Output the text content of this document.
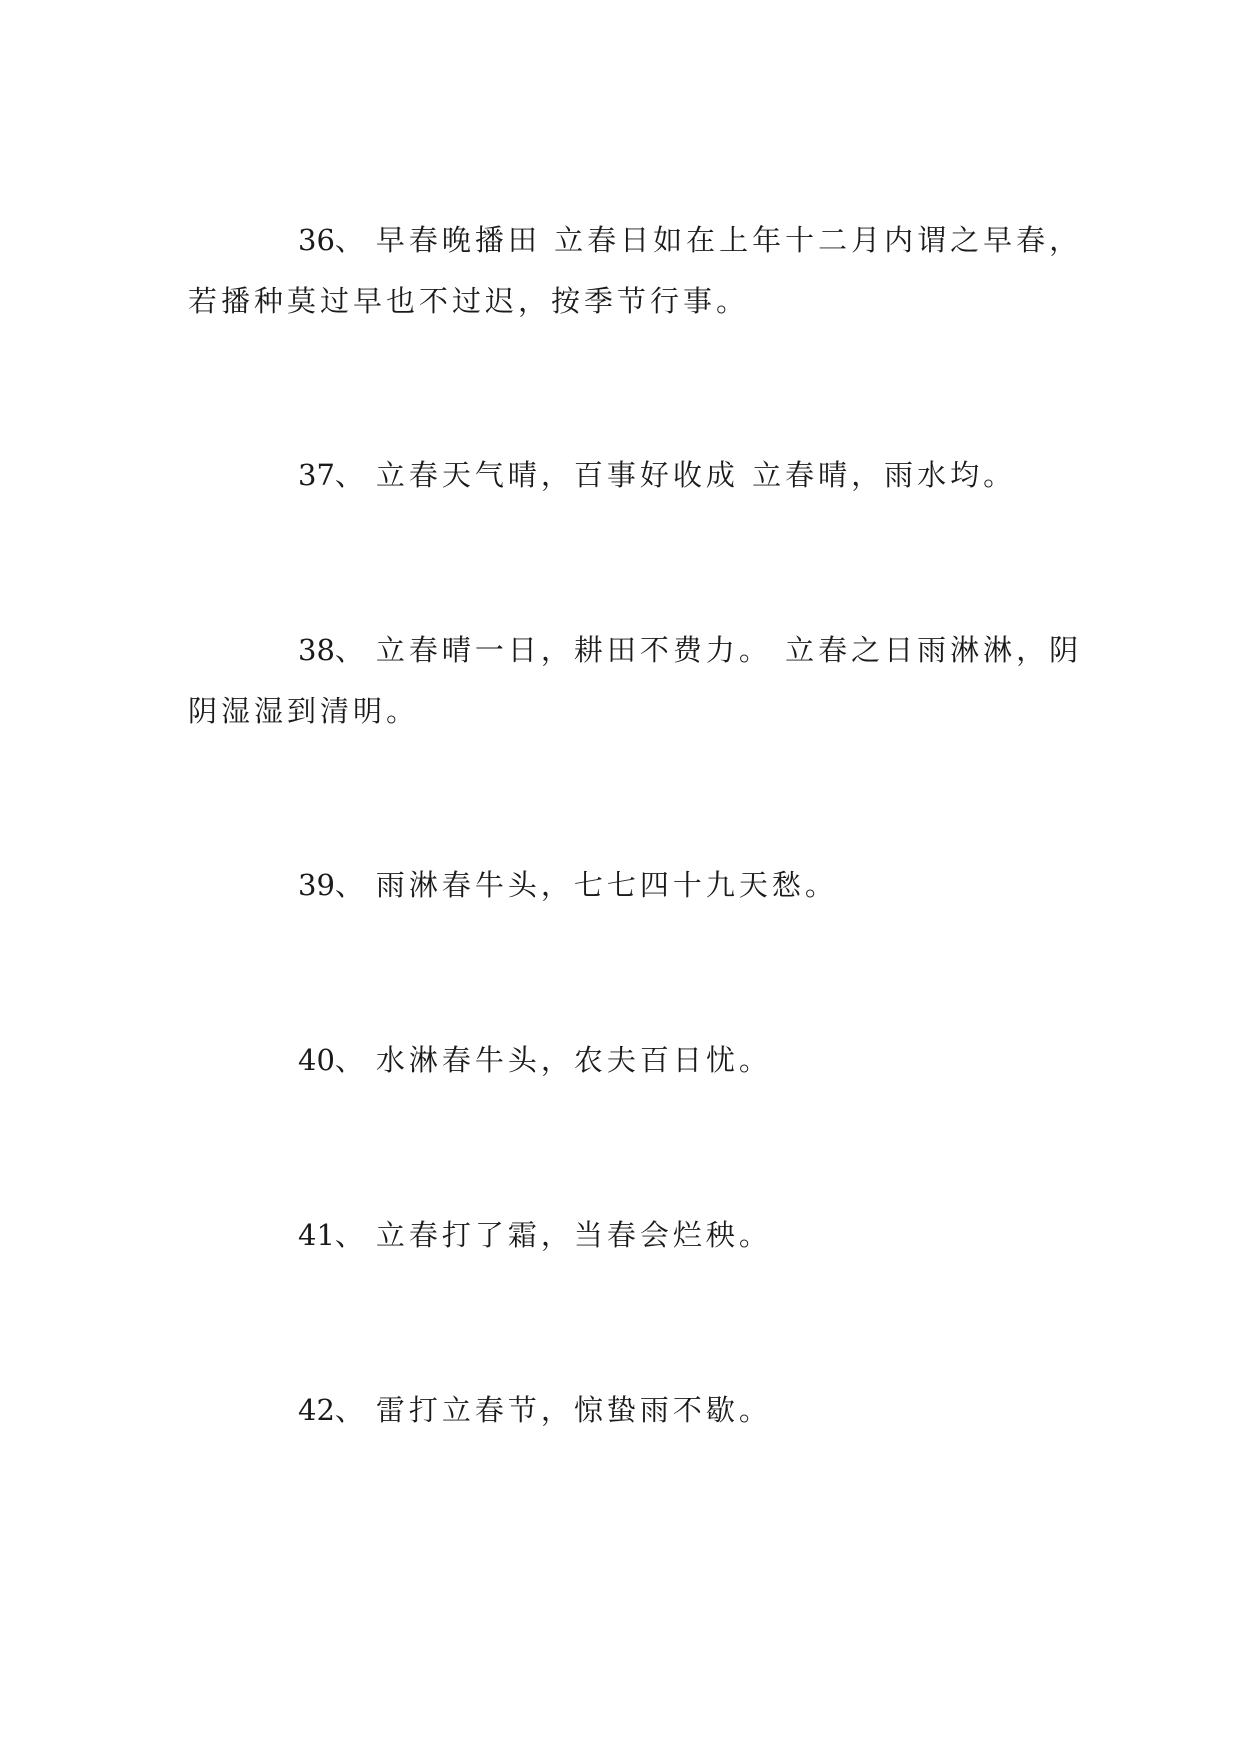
36、 早春晚播田 立春日如在上年十二月内谓之早春，若播种莫过早也不过迟，按季节行事。

37、 立春天气晴，百事好收成 立春晴，雨水均。

38、 立春晴一日，耕田不费力。 立春之日雨淋淋，阴阴湿湿到清明。

39、 雨淋春牛头，七七四十九天愁。

40、 水淋春牛头，农夫百日忧。

41、 立春打了霜，当春会烂秧。

42、 雷打立春节，惊蛰雨不歇。
